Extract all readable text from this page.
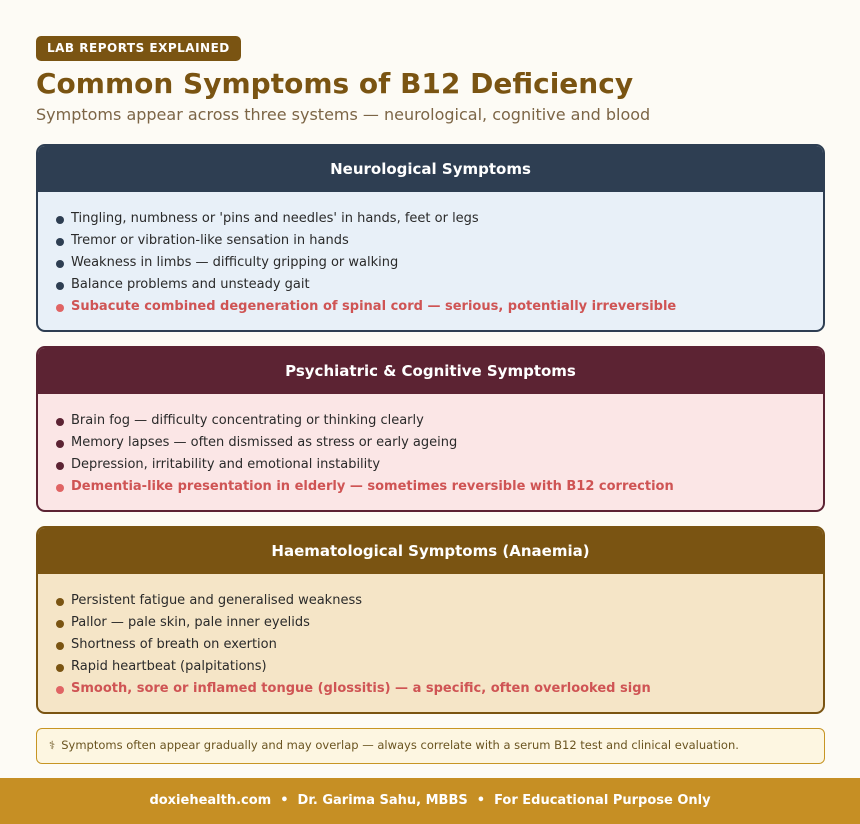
LAB REPORTS EXPLAINED
Common Symptoms of B12 Deficiency
Symptoms appear across three systems — neurological, cognitive and blood
Neurological Symptoms
Tingling, numbness or 'pins and needles' in hands, feet or legs
Tremor or vibration-like sensation in hands
Weakness in limbs — difficulty gripping or walking
Balance problems and unsteady gait
Subacute combined degeneration of spinal cord — serious, potentially irreversible
Psychiatric & Cognitive Symptoms
Brain fog — difficulty concentrating or thinking clearly
Memory lapses — often dismissed as stress or early ageing
Depression, irritability and emotional instability
Dementia-like presentation in elderly — sometimes reversible with B12 correction
Haematological Symptoms (Anaemia)
Persistent fatigue and generalised weakness
Pallor — pale skin, pale inner eyelids
Shortness of breath on exertion
Rapid heartbeat (palpitations)
Smooth, sore or inflamed tongue (glossitis) — a specific, often overlooked sign
⚕ Symptoms often appear gradually and may overlap — always correlate with a serum B12 test and clinical evaluation.
doxiehealth.com • Dr. Garima Sahu, MBBS • For Educational Purpose Only
